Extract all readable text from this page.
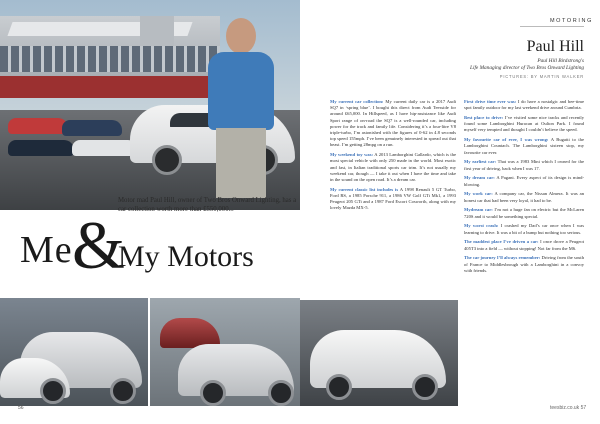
Me &
My Motors
Motor mad Paul Hill, owner of Two Bros Onward Lighting, has a car collection worth more than £550,000...
56
MOTORING
Paul Hill
Paul Hill Birdstrong's
Life Managing director of Two Bros Onward Lighting
PICTURES: BY MARTIN WALKER

My current car collection: My current daily car is a 2017 Audi SQ7 in ‘spring blue’. I bought this direct from Audi Teesside for around £65,000. In Hillspeed, as I have hip-assistance like Audi Sport range of on-road the SQ7 is a well-rounded car, including power for the track and family life. Considering it’s a four-litre V8 triple-turbo, I’m astonished with the figures of 0-62 in 4.8 seconds top speed 155mph. I’ve been genuinely interested in spread out that beast. I’m getting 28mpg on a run.

My weekend toy was: A 2013 Lamborghini Gallardo, which is the most special vehicle with only 250 made in the world. Most exotic and fast, in Italian traditional sports car trim. It’s not usually my weekend car, though — I take it out when I have the time and take in the sound on the open road. It’s a dream car.

My current classic list includes is A 1998 Renault 5 GT Turbo, Ford RS, a 1985 Porsche 911, a 1986 VW Golf GTi Mk1, a 1993 Peugeot 205 GTi and a 1987 Ford Escort Cosworth, along with my lovely Mazda MX-5.

First drive time ever was: I do have a nostalgic and bee-time spot family outdoor for my last weekend drive around Cumbria.

Best place to drive: I’ve visited some nice tracks and recently found some Lamborghini Huracan at Oulton Park. I found myself very tempted and thought I couldn’t believe the speed.

My favourite car of ever, I was wrong: A Bugatti to the Lamborghini Countach. The Lamborghini sixteen stop, my favourite car ever.

My earliest car: That was a 1983 Mini which I owned for the first year of driving, back when I was 17.

My dream car: A Pagani. Every aspect of its design is mind-blowing.

My work car: A company car, the Nissan Almera. It was an honest car that had been very loyal, it had to be.

Mydream car: I’m not a huge fan on electric but the McLaren 720S and it would be something special.

My worst crash: I crashed my Dad’s car once when I was learning to drive. It was a bit of a bump but nothing too serious.

The maddest place I’ve driven a car: I once drove a Peugeot 405T3 into a field — without stopping! Not far from the M6.

The car journey I’ll always remember: Driving from the south of France to Middlesbrough with a Lamborghini in a convoy with friends.

teesbiz.co.uk 57
